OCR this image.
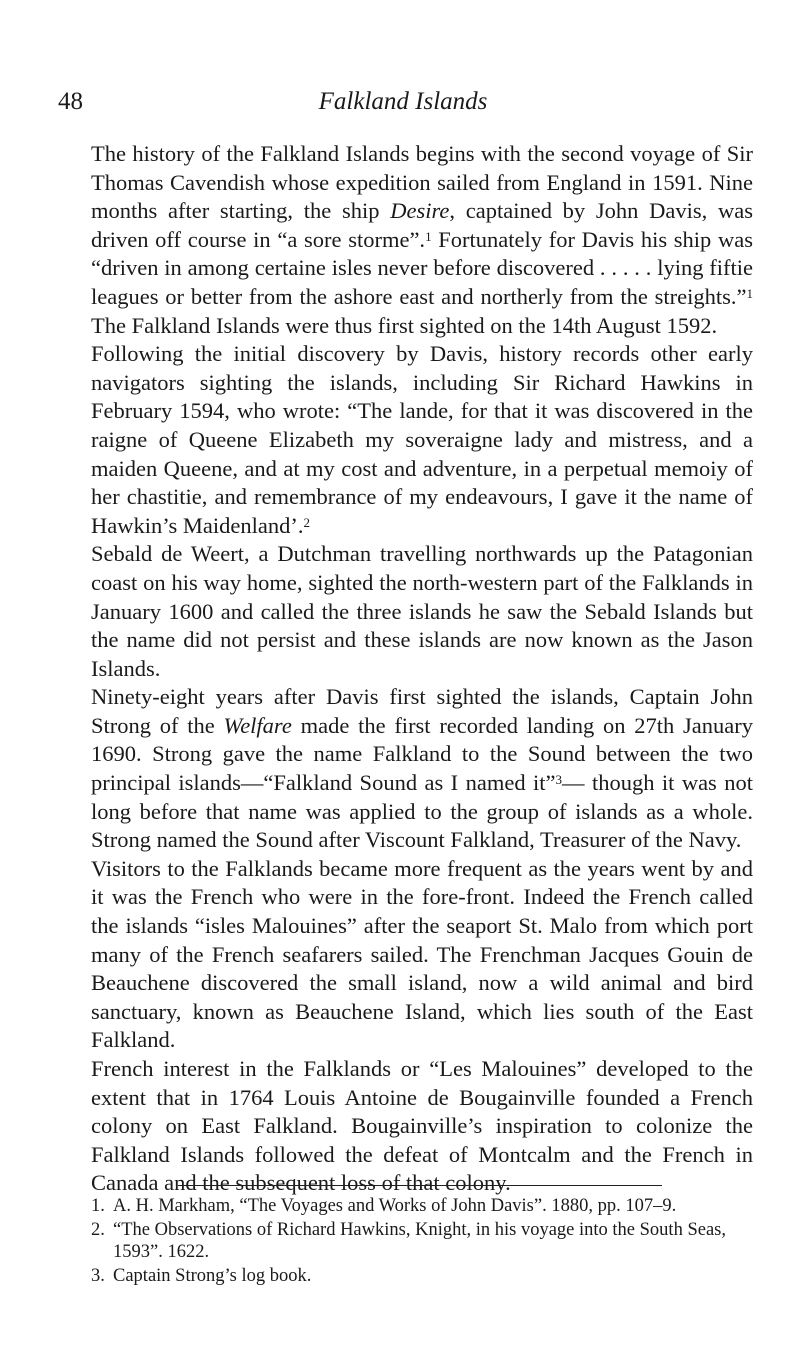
48	Falkland Islands

The history of the Falkland Islands begins with the second voyage of Sir Thomas Cavendish whose expedition sailed from England in 1591. Nine months after starting, the ship Desire, captained by John Davis, was driven off course in “a sore storme”.$^1$ Fortunately for Davis his ship was “driven in among certaine isles never before discovered . . . . . lying fiftie leagues or better from the ashore east and northerly from the streights.”$^1$ The Falkland Islands were thus first sighted on the 14th August 1592.

Following the initial discovery by Davis, history records other early navigators sighting the islands, including Sir Richard Hawkins in February 1594, who wrote: “The lande, for that it was discovered in the raigne of Queene Elizabeth my soveraigne lady and mistress, and a maiden Queene, and at my cost and adventure, in a perpetual memoiy of her chastitie, and remembrance of my endeavours, I gave it the name of Hawkin’s Maidenland’.$^2$

Sebald de Weert, a Dutchman travelling northwards up the Patagonian coast on his way home, sighted the north-western part of the Falklands in January 1600 and called the three islands he saw the Sebald Islands but the name did not persist and these islands are now known as the Jason Islands.

Ninety-eight years after Davis first sighted the islands, Captain John Strong of the Welfare made the first recorded landing on 27th January 1690. Strong gave the name Falkland to the Sound between the two principal islands—“Falkland Sound as I named it”$^3$— though it was not long before that name was applied to the group of islands as a whole. Strong named the Sound after Viscount Falkland, Treasurer of the Navy.

Visitors to the Falklands became more frequent as the years went by and it was the French who were in the fore-front. Indeed the French called the islands “isles Malouines” after the seaport St. Malo from which port many of the French seafarers sailed. The Frenchman Jacques Gouin de Beauchene discovered the small island, now a wild animal and bird sanctuary, known as Beauchene Island, which lies south of the East Falkland.

French interest in the Falklands or “Les Malouines” developed to the extent that in 1764 Louis Antoine de Bougainville founded a French colony on East Falkland. Bougainville’s inspiration to colonize the Falkland Islands followed the defeat of Montcalm and the French in Canada and the subsequent loss of that colony.

1. A. H. Markham, “The Voyages and Works of John Davis”. 1880, pp. 107–9.
2. “The Observations of Richard Hawkins, Knight, in his voyage into the South Seas, 1593”. 1622.
3. Captain Strong’s log book.
